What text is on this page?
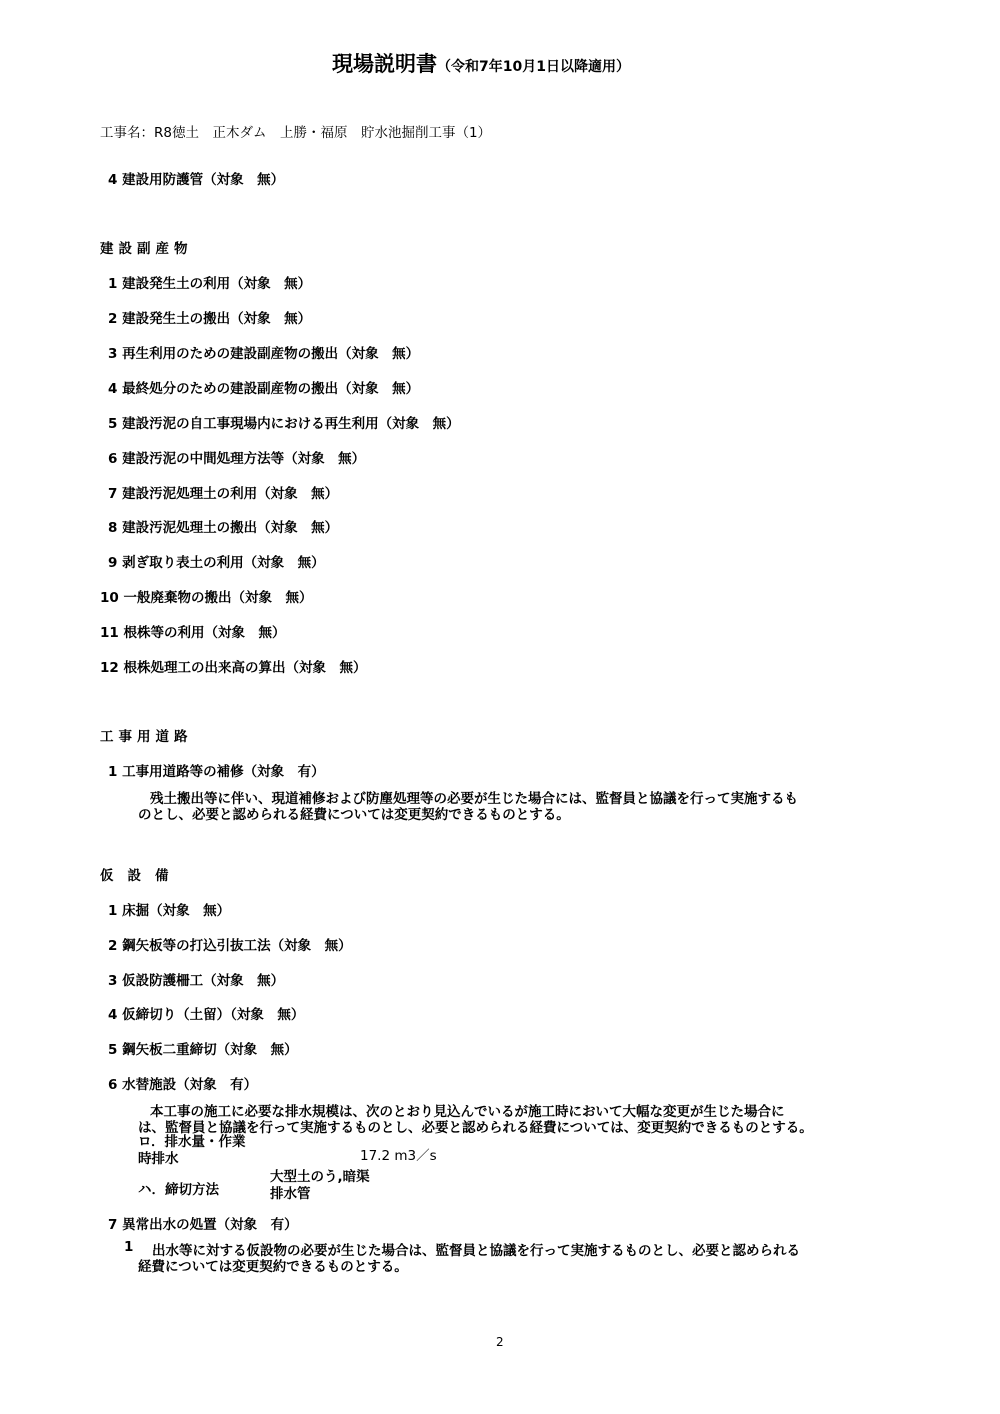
現場説明書（令和7年10月1日以降適用）
工事名：R8徳土　正木ダム　上勝・福原　貯水池掘削工事（1）
4 建設用防護管（対象　無）
建設副産物
1 建設発生土の利用（対象　無）
2 建設発生土の搬出（対象　無）
3 再生利用のための建設副産物の搬出（対象　無）
4 最終処分のための建設副産物の搬出（対象　無）
5 建設汚泥の自工事現場内における再生利用（対象　無）
6 建設汚泥の中間処理方法等（対象　無）
7 建設汚泥処理土の利用（対象　無）
8 建設汚泥処理土の搬出（対象　無）
9 剥ぎ取り表土の利用（対象　無）
10 一般廃棄物の搬出（対象　無）
11 根株等の利用（対象　無）
12 根株処理工の出来高の算出（対象　無）
工事用道路
1 工事用道路等の補修（対象　有）
残土搬出等に伴い、現道補修および防塵処理等の必要が生じた場合には、監督員と協議を行って実施するも
のとし、必要と認められる経費については変更契約できるものとする。
仮設備
1 床掘（対象　無）
2 鋼矢板等の打込引抜工法（対象　無）
3 仮設防護柵工（対象　無）
4 仮締切り（土留）（対象　無）
5 鋼矢板二重締切（対象　無）
6 水替施設（対象　有）
本工事の施工に必要な排水規模は、次のとおり見込んでいるが施工時において大幅な変更が生じた場合に
は、監督員と協議を行って実施するものとし、必要と認められる経費については、変更契約できるものとする。
ロ．排水量・作業
時排水	17.2 m3／s
ハ．締切方法
大型土のう,暗渠
排水管
7 異常出水の処置（対象　有）
1 出水等に対する仮設物の必要が生じた場合は、監督員と協議を行って実施するものとし、必要と認められる
経費については変更契約できるものとする。
2
